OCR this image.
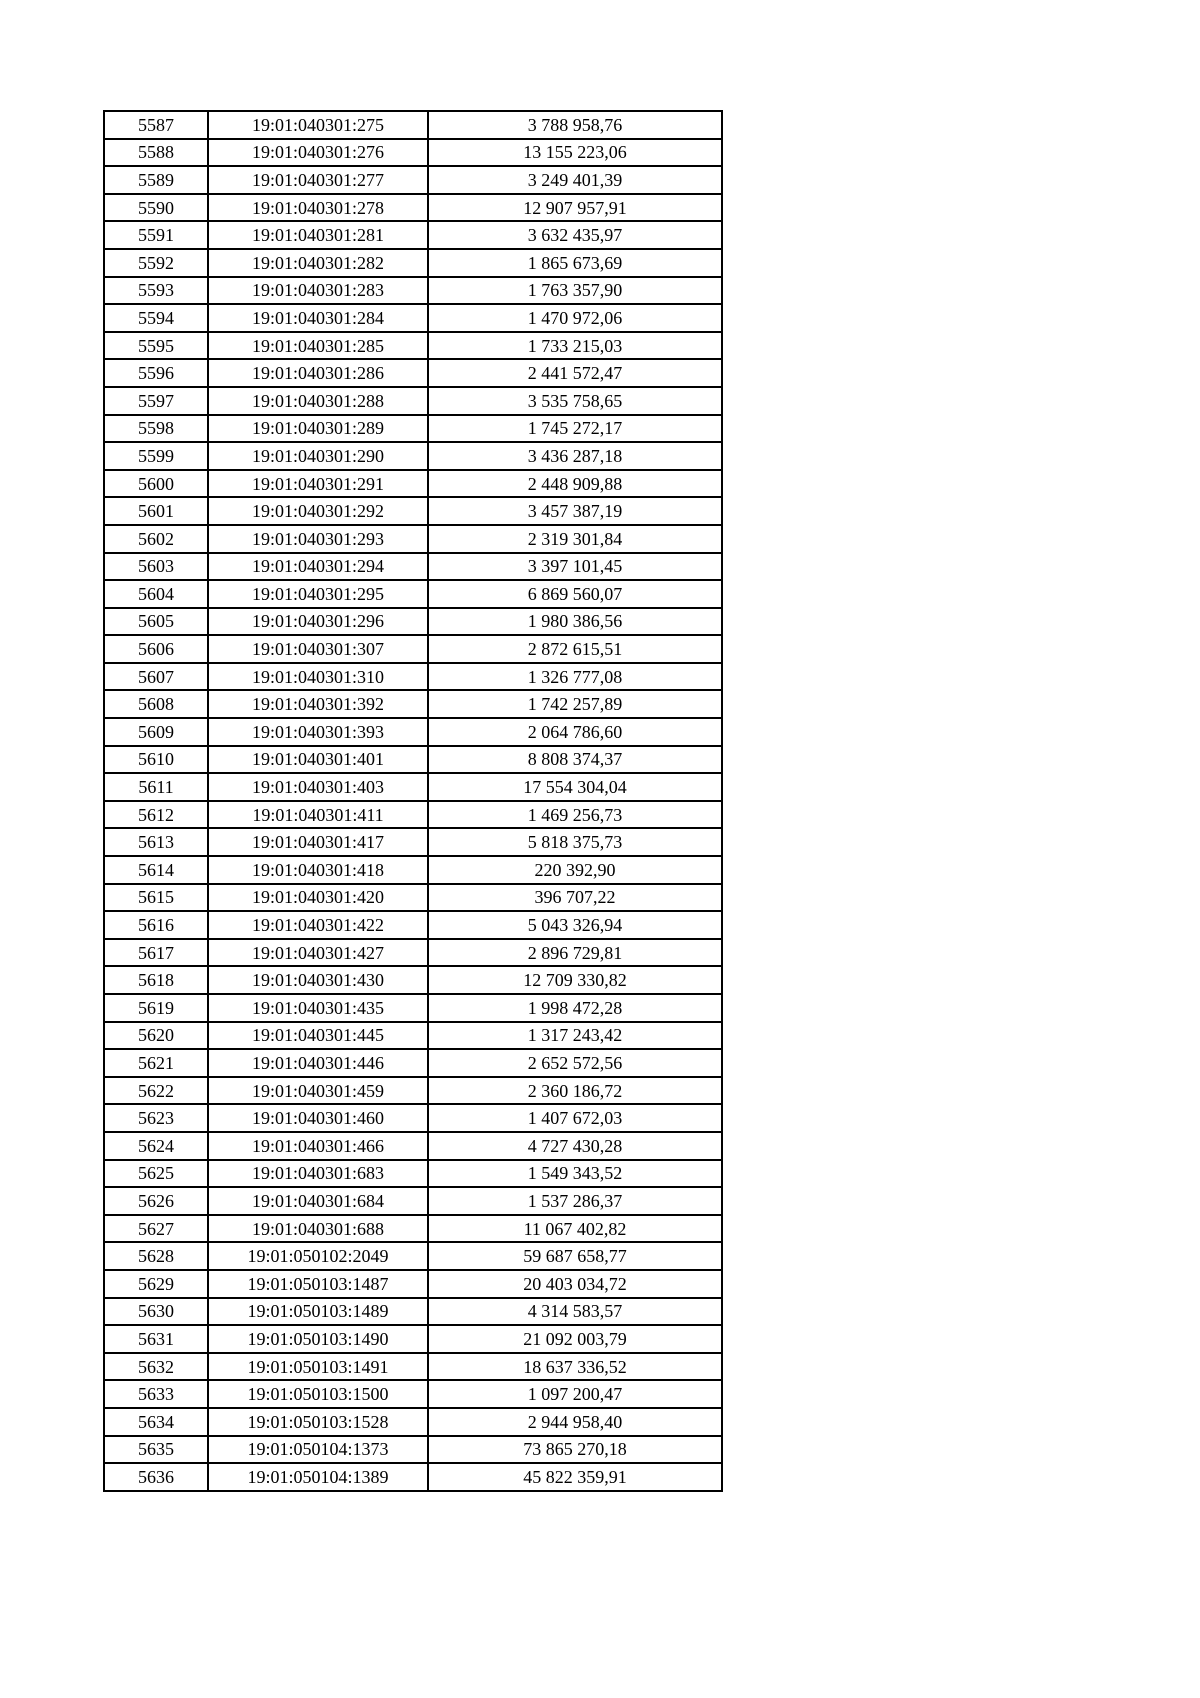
5587	19:01:040301:275	3 788 958,76
5588	19:01:040301:276	13 155 223,06
5589	19:01:040301:277	3 249 401,39
5590	19:01:040301:278	12 907 957,91
5591	19:01:040301:281	3 632 435,97
5592	19:01:040301:282	1 865 673,69
5593	19:01:040301:283	1 763 357,90
5594	19:01:040301:284	1 470 972,06
5595	19:01:040301:285	1 733 215,03
5596	19:01:040301:286	2 441 572,47
5597	19:01:040301:288	3 535 758,65
5598	19:01:040301:289	1 745 272,17
5599	19:01:040301:290	3 436 287,18
5600	19:01:040301:291	2 448 909,88
5601	19:01:040301:292	3 457 387,19
5602	19:01:040301:293	2 319 301,84
5603	19:01:040301:294	3 397 101,45
5604	19:01:040301:295	6 869 560,07
5605	19:01:040301:296	1 980 386,56
5606	19:01:040301:307	2 872 615,51
5607	19:01:040301:310	1 326 777,08
5608	19:01:040301:392	1 742 257,89
5609	19:01:040301:393	2 064 786,60
5610	19:01:040301:401	8 808 374,37
5611	19:01:040301:403	17 554 304,04
5612	19:01:040301:411	1 469 256,73
5613	19:01:040301:417	5 818 375,73
5614	19:01:040301:418	220 392,90
5615	19:01:040301:420	396 707,22
5616	19:01:040301:422	5 043 326,94
5617	19:01:040301:427	2 896 729,81
5618	19:01:040301:430	12 709 330,82
5619	19:01:040301:435	1 998 472,28
5620	19:01:040301:445	1 317 243,42
5621	19:01:040301:446	2 652 572,56
5622	19:01:040301:459	2 360 186,72
5623	19:01:040301:460	1 407 672,03
5624	19:01:040301:466	4 727 430,28
5625	19:01:040301:683	1 549 343,52
5626	19:01:040301:684	1 537 286,37
5627	19:01:040301:688	11 067 402,82
5628	19:01:050102:2049	59 687 658,77
5629	19:01:050103:1487	20 403 034,72
5630	19:01:050103:1489	4 314 583,57
5631	19:01:050103:1490	21 092 003,79
5632	19:01:050103:1491	18 637 336,52
5633	19:01:050103:1500	1 097 200,47
5634	19:01:050103:1528	2 944 958,40
5635	19:01:050104:1373	73 865 270,18
5636	19:01:050104:1389	45 822 359,91
